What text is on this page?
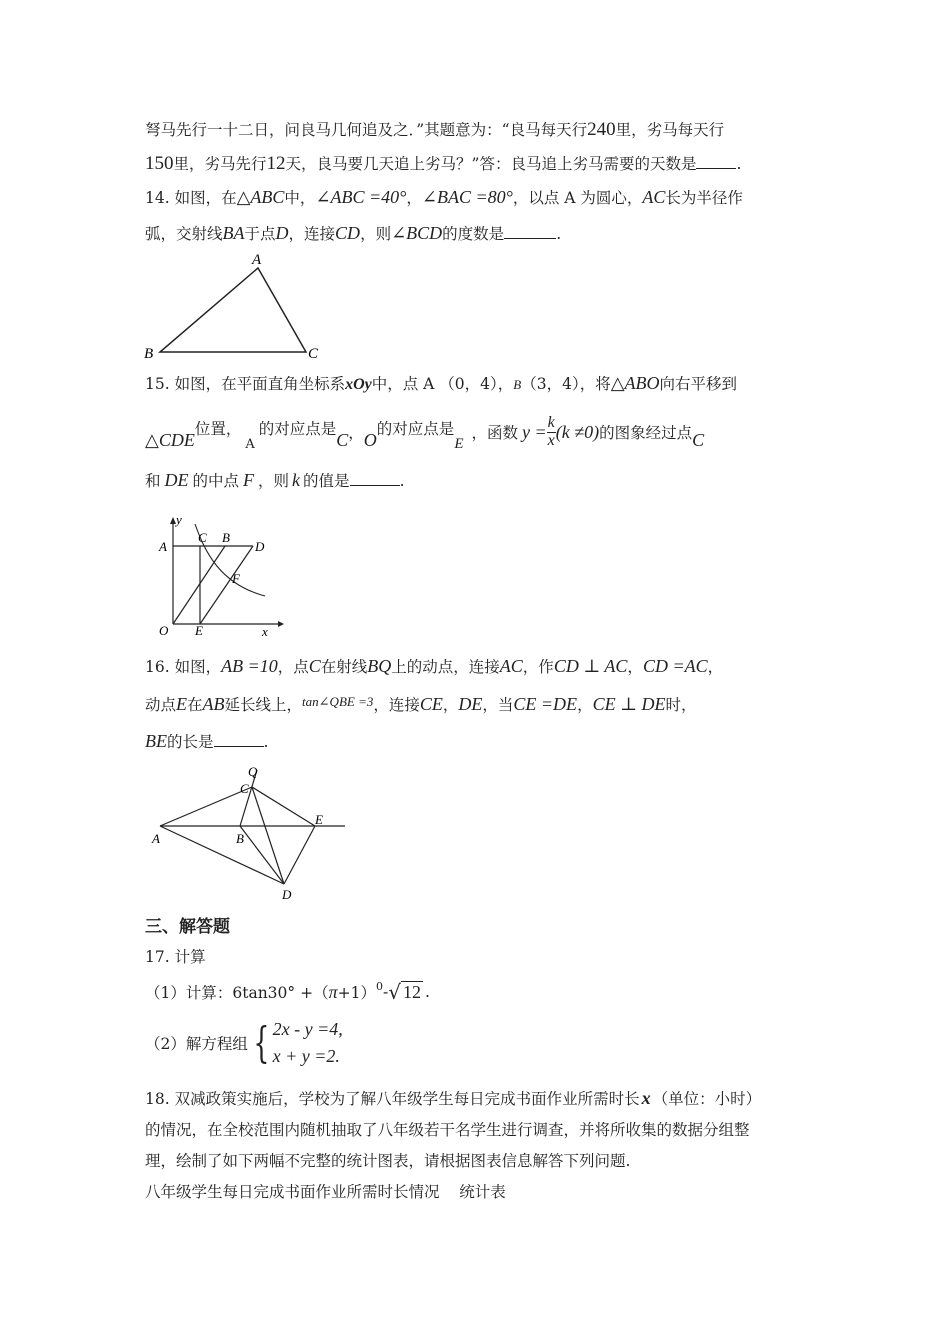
弩马先行一十二日，问良马几何追及之．”其题意为：“良马每天行240里，劣马每天行
150里，劣马先行12天，良马要几天追上劣马？”答：良马追上劣马需要的天数是	.
14. 如图，在△ABC中，∠ABC =40°，∠BAC =80°，以点 A 为圆心，AC长为半径作
弧，交射线BA于点D，连接CD，则∠BCD的度数是	.
A
B	C
15. 如图，在平面直角坐标系xOy中，点 A （0，4），B（3，4），将△ABO向右平移到
△CDE
位置，
A
的对应点是
C ， O
的对应点是
E
，函数 $y = \frac{k}{x} (k \ne 0)$ 的图象经过点 C
和 DE 的中点 F ，则 k 的值是	.
y
x
A
C B
D
F
O E
16. 如图，AB =10，点C在射线BQ上的动点，连接AC，作CD ⊥ AC，CD =AC，
动点E在AB延长线上，$^{tan\angle QBE =3}$，连接CE，DE，当CE =DE，CE ⊥ DE时，
BE的长是	.
Q
C
A	B
E
D
三、解答题
17. 计算
（1）计算：6tan30° +（ π +1）$^0$ - √ 12 .
（2）解方程组 { 2x - y =4,
x + y =2.
18. 双减政策实施后，学校为了解八年级学生每日完成书面作业所需时长 x （单位：小时）
的情况，在全校范围内随机抽取了八年级若干名学生进行调查，并将所收集的数据分组整
理，绘制了如下两幅不完整的统计图表，请根据图表信息解答下列问题.
八年级学生每日完成书面作业所需时长情况    统计表
